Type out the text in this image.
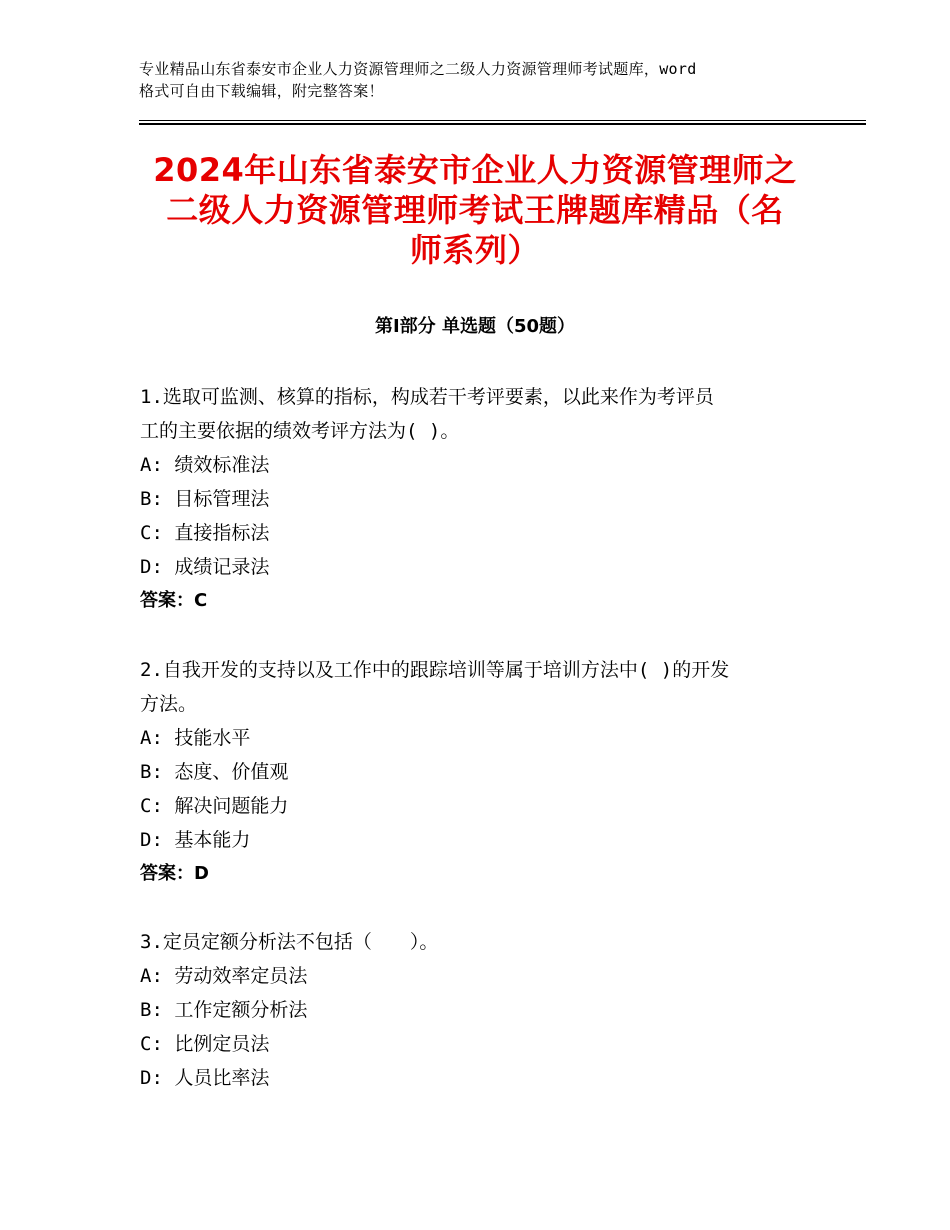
专业精品山东省泰安市企业人力资源管理师之二级人力资源管理师考试题库，word
格式可自由下载编辑，附完整答案！
2024年山东省泰安市企业人力资源管理师之
二级人力资源管理师考试王牌题库精品（名
师系列）
第Ⅰ部分 单选题（50题）
1.选取可监测、核算的指标，构成若干考评要素，以此来作为考评员
工的主要依据的绩效考评方法为( )。
A: 绩效标准法
B: 目标管理法
C: 直接指标法
D: 成绩记录法
答案：C
2.自我开发的支持以及工作中的跟踪培训等属于培训方法中( )的开发
方法。
A: 技能水平
B: 态度、价值观
C: 解决问题能力
D: 基本能力
答案：D
3.定员定额分析法不包括（　　）。
A: 劳动效率定员法
B: 工作定额分析法
C: 比例定员法
D: 人员比率法
